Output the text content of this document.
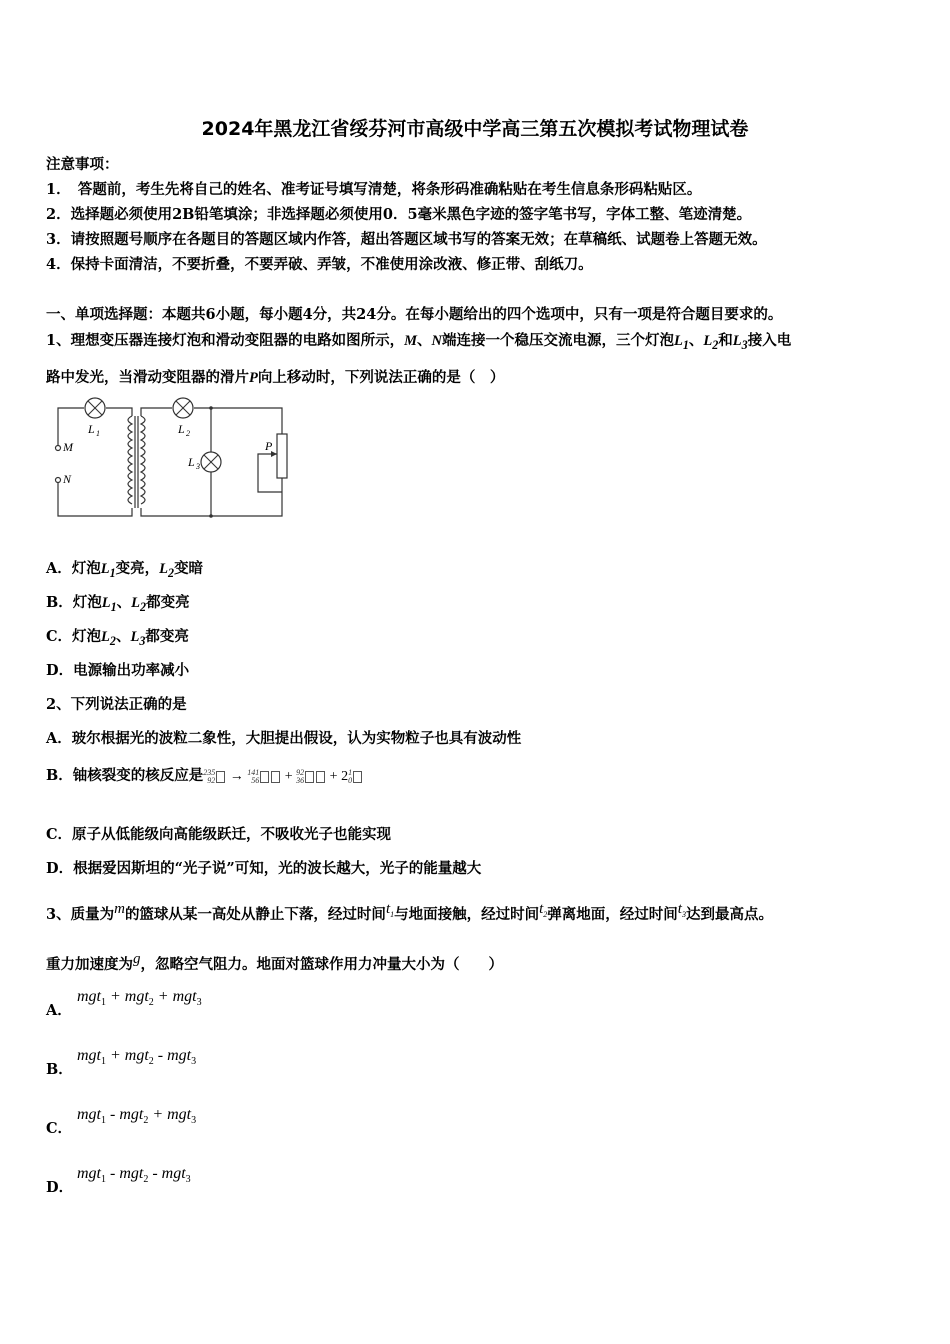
2024年黑龙江省绥芬河市高级中学高三第五次模拟考试物理试卷
注意事项：
1．　答题前，考生先将自己的姓名、准考证号填写清楚，将条形码准确粘贴在考生信息条形码粘贴区。
2．选择题必须使用2B铅笔填涂；非选择题必须使用0．5毫米黑色字迹的签字笔书写，字体工整、笔迹清楚。
3．请按照题号顺序在各题目的答题区域内作答，超出答题区域书写的答案无效；在草稿纸、试题卷上答题无效。
4．保持卡面清洁，不要折叠，不要弄破、弄皱，不准使用涂改液、修正带、刮纸刀。
一、单项选择题：本题共6小题，每小题4分，共24分。在每小题给出的四个选项中，只有一项是符合题目要求的。
1、理想变压器连接灯泡和滑动变阻器的电路如图所示，M、N端连接一个稳压交流电源，三个灯泡$L_1$、$L_2$和$L_3$接入电
路中发光，当滑动变阻器的滑片P向上移动时，下列说法正确的是（　）
M
N
L 1	L 2
L 3
P
A．灯泡$L_1$变亮，$L_2$变暗
B．灯泡$L_1$、$L_2$都变亮
C．灯泡$L_2$、$L_3$都变亮
D．电源输出功率减小
2、下列说法正确的是
A．玻尔根据光的波粒二象性，大胆提出假设，认为实物粒子也具有波动性
B．铀核裂变的核反应是235
92 → 141
56 + 92
36 + 21
0
C．原子从低能级向高能级跃迁，不吸收光子也能实现
D．根据爱因斯坦的“光子说”可知，光的波长越大，光子的能量越大
3、质量为m的篮球从某一高处从静止下落，经过时间$t_1$与地面接触，经过时间$t_2$弹离地面，经过时间$t_3$达到最高点。
重力加速度为g，忽略空气阻力。地面对篮球作用力冲量大小为（　　）
A．
mgt$_1$ + mgt$_2$ + mgt$_3$
B．
mgt$_1$ + mgt$_2$ - mgt$_3$
C．
mgt$_1$ - mgt$_2$ + mgt$_3$
D．
mgt$_1$ - mgt$_2$ - mgt$_3$
